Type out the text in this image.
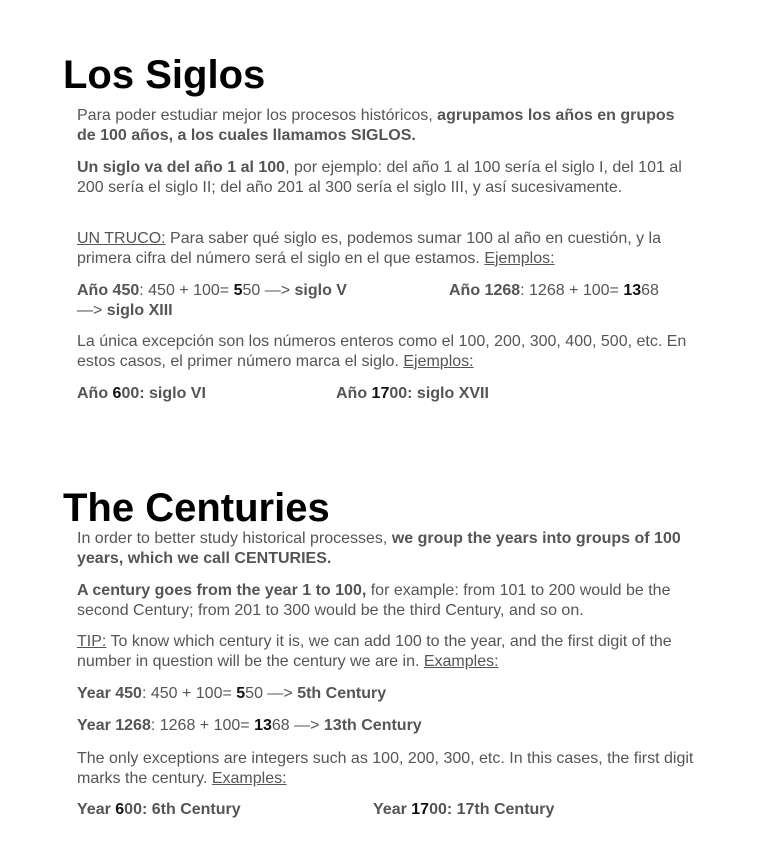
Los Siglos
Para poder estudiar mejor los procesos históricos, agrupamos los años en grupos de 100 años, a los cuales llamamos SIGLOS.
Un siglo va del año 1 al 100, por ejemplo: del año 1 al 100 sería el siglo I, del 101 al 200 sería el siglo II; del año 201 al 300 sería el siglo III, y así sucesivamente.
UN TRUCO: Para saber qué siglo es, podemos sumar 100 al año en cuestión, y la primera cifra del número será el siglo en el que estamos. Ejemplos:
Año 450: 450 + 100= 550 —> siglo V	Año 1268: 1268 + 100= 1368
—> siglo XIII
La única excepción son los números enteros como el 100, 200, 300, 400, 500, etc. En estos casos, el primer número marca el siglo. Ejemplos:
Año 600: siglo VI	Año 1700: siglo XVII
The Centuries
In order to better study historical processes, we group the years into groups of 100 years, which we call CENTURIES.
A century goes from the year 1 to 100, for example: from 101 to 200 would be the second Century; from 201 to 300 would be the third Century, and so on.
TIP: To know which century it is, we can add 100 to the year, and the first digit of the number in question will be the century we are in. Examples:
Year 450: 450 + 100= 550 —> 5th Century
Year 1268: 1268 + 100= 1368 —> 13th Century
The only exceptions are integers such as 100, 200, 300, etc. In this cases, the first digit marks the century. Examples:
Year 600: 6th Century	Year 1700: 17th Century
